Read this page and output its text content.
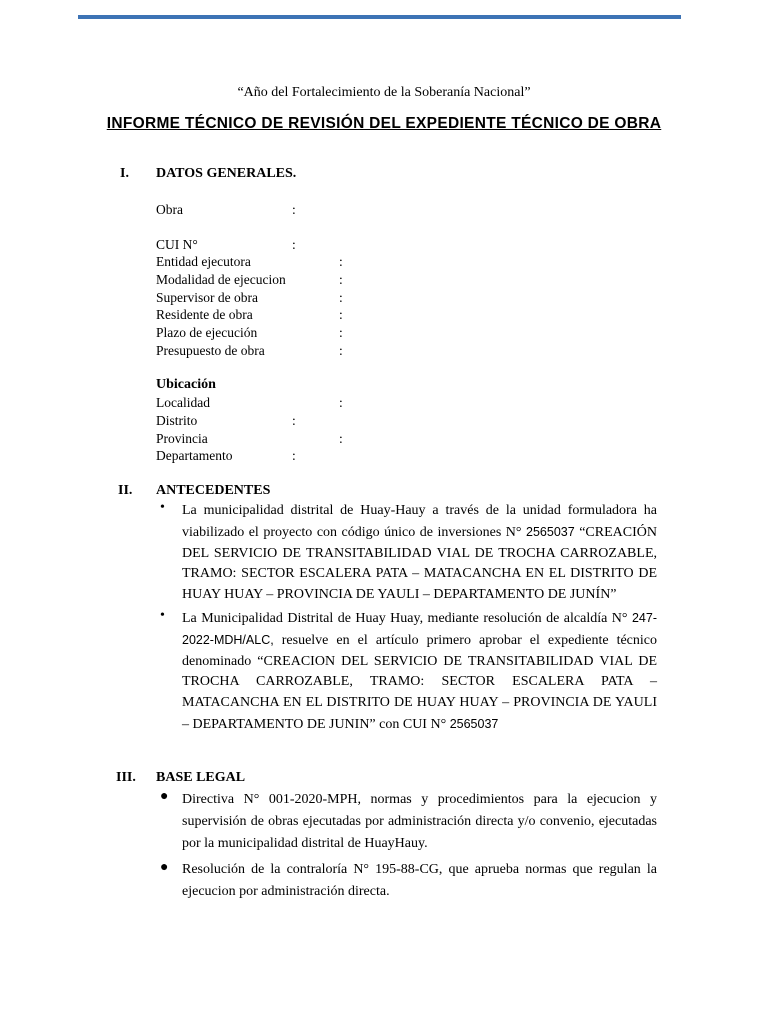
“Año del Fortalecimiento de la Soberanía Nacional”
INFORME TÉCNICO DE REVISIÓN DEL EXPEDIENTE TÉCNICO DE OBRA
I. DATOS GENERALES.
Obra	:
CUI N°	:
Entidad ejecutora	:
Modalidad de ejecucion	:
Supervisor de obra	:
Residente de obra	:
Plazo de ejecución	:
Presupuesto de obra	:
Ubicación
Localidad	:
Distrito	:
Provincia	:
Departamento	:
II. ANTECEDENTES
• La municipalidad distrital de Huay-Hauy a través de la unidad formuladora ha viabilizado el proyecto con código único de inversiones N° 2565037 “CREACIÓN DEL SERVICIO DE TRANSITABILIDAD VIAL DE TROCHA CARROZABLE, TRAMO: SECTOR ESCALERA PATA – MATACANCHA EN EL DISTRITO DE HUAY HUAY – PROVINCIA DE YAULI – DEPARTAMENTO DE JUNÍN”
• La Municipalidad Distrital de Huay Huay, mediante resolución de alcaldía N° 247-2022-MDH/ALC, resuelve en el artículo primero aprobar el expediente técnico denominado “CREACION DEL SERVICIO DE TRANSITABILIDAD VIAL DE TROCHA CARROZABLE, TRAMO: SECTOR ESCALERA PATA – MATACANCHA EN EL DISTRITO DE HUAY HUAY – PROVINCIA DE YAULI – DEPARTAMENTO DE JUNIN” con CUI N° 2565037
III. BASE LEGAL
● Directiva N° 001-2020-MPH, normas y procedimientos para la ejecucion y supervisión de obras ejecutadas por administración directa y/o convenio, ejecutadas por la municipalidad distrital de HuayHauy.
● Resolución de la contraloría N° 195-88-CG, que aprueba normas que regulan la ejecucion por administración directa.
